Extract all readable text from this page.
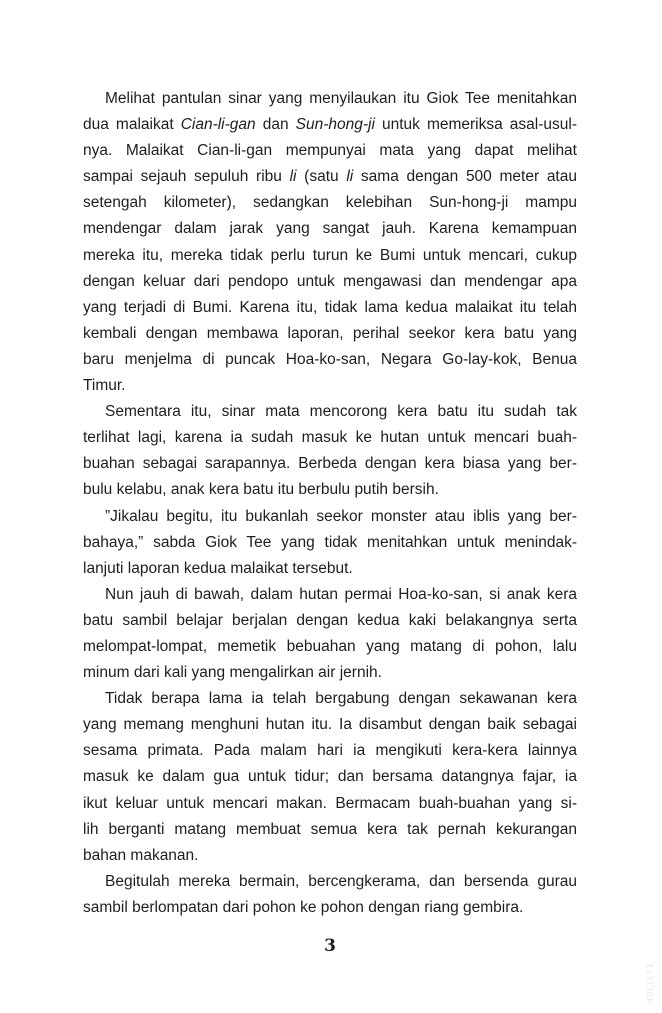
Melihat pantulan sinar yang menyilaukan itu Giok Tee menitahkan
dua malaikat Cian-li-gan dan Sun-hong-ji untuk memeriksa asal-usul-
nya. Malaikat Cian-li-gan mempunyai mata yang dapat melihat
sampai sejauh sepuluh ribu li (satu li sama dengan 500 meter atau
setengah kilometer), sedangkan kelebihan Sun-hong-ji mampu
mendengar dalam jarak yang sangat jauh. Karena kemampuan
mereka itu, mereka tidak perlu turun ke Bumi untuk mencari, cukup
dengan keluar dari pendopo untuk mengawasi dan mendengar apa
yang terjadi di Bumi. Karena itu, tidak lama kedua malaikat itu telah
kembali dengan membawa laporan, perihal seekor kera batu yang
baru menjelma di puncak Hoa-ko-san, Negara Go-lay-kok, Benua
Timur.
Sementara itu, sinar mata mencorong kera batu itu sudah tak
terlihat lagi, karena ia sudah masuk ke hutan untuk mencari buah-
buahan sebagai sarapannya. Berbeda dengan kera biasa yang ber-
bulu kelabu, anak kera batu itu berbulu putih bersih.
”Jikalau begitu, itu bukanlah seekor monster atau iblis yang ber-
bahaya,” sabda Giok Tee yang tidak menitahkan untuk menindak-
lanjuti laporan kedua malaikat tersebut.
Nun jauh di bawah, dalam hutan permai Hoa-ko-san, si anak kera
batu sambil belajar berjalan dengan kedua kaki belakangnya serta
melompat-lompat, memetik bebuahan yang matang di pohon, lalu
minum dari kali yang mengalirkan air jernih.
Tidak berapa lama ia telah bergabung dengan sekawanan kera
yang memang menghuni hutan itu. Ia disambut dengan baik sebagai
sesama primata. Pada malam hari ia mengikuti kera-kera lainnya
masuk ke dalam gua untuk tidur; dan bersama datangnya fajar, ia
ikut keluar untuk mencari makan. Bermacam buah-buahan yang si-
lih berganti matang membuat semua kera tak pernah kekurangan
bahan makanan.
Begitulah mereka bermain, bercengkerama, dan bersenda gurau
sambil berlompatan dari pohon ke pohon dengan riang gembira.
3
40L/171
